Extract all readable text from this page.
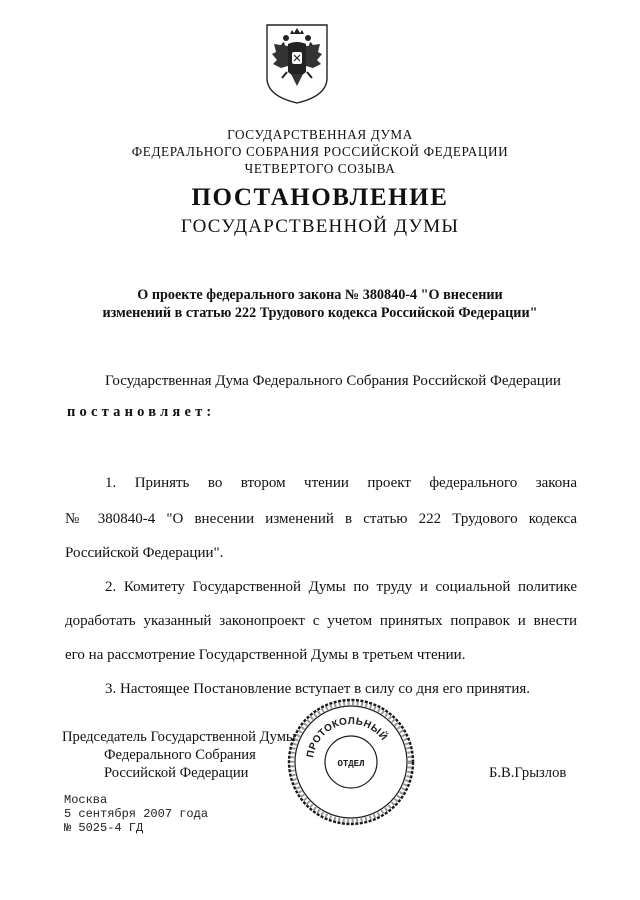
ГОСУДАРСТВЕННАЯ ДУМА
ФЕДЕРАЛЬНОГО СОБРАНИЯ РОССИЙСКОЙ ФЕДЕРАЦИИ
ЧЕТВЕРТОГО СОЗЫВА
ПОСТАНОВЛЕНИЕ
ГОСУДАРСТВЕННОЙ ДУМЫ
О проекте федерального закона № 380840-4 "О внесении
изменений в статью 222 Трудового кодекса Российской Федерации"
Государственная Дума Федерального Собрания Российской Федерации
постановляет:
1. Принять во втором чтении проект федерального закона
№ 380840-4 "О внесении изменений в статью 222 Трудового кодекса
Российской Федерации".
2. Комитету Государственной Думы по труду и социальной политике
доработать указанный законопроект с учетом принятых поправок и внести
его на рассмотрение Государственной Думы в третьем чтении.
3. Настоящее Постановление вступает в силу со дня его принятия.
Председатель Государственной Думы
Федерального Собрания
Российской Федерации	Б.В.Грызлов
ПРОТОКОЛЬНЫЙ
ОТДЕЛ
Москва
5 сентября 2007 года
№ 5025-4 ГД
